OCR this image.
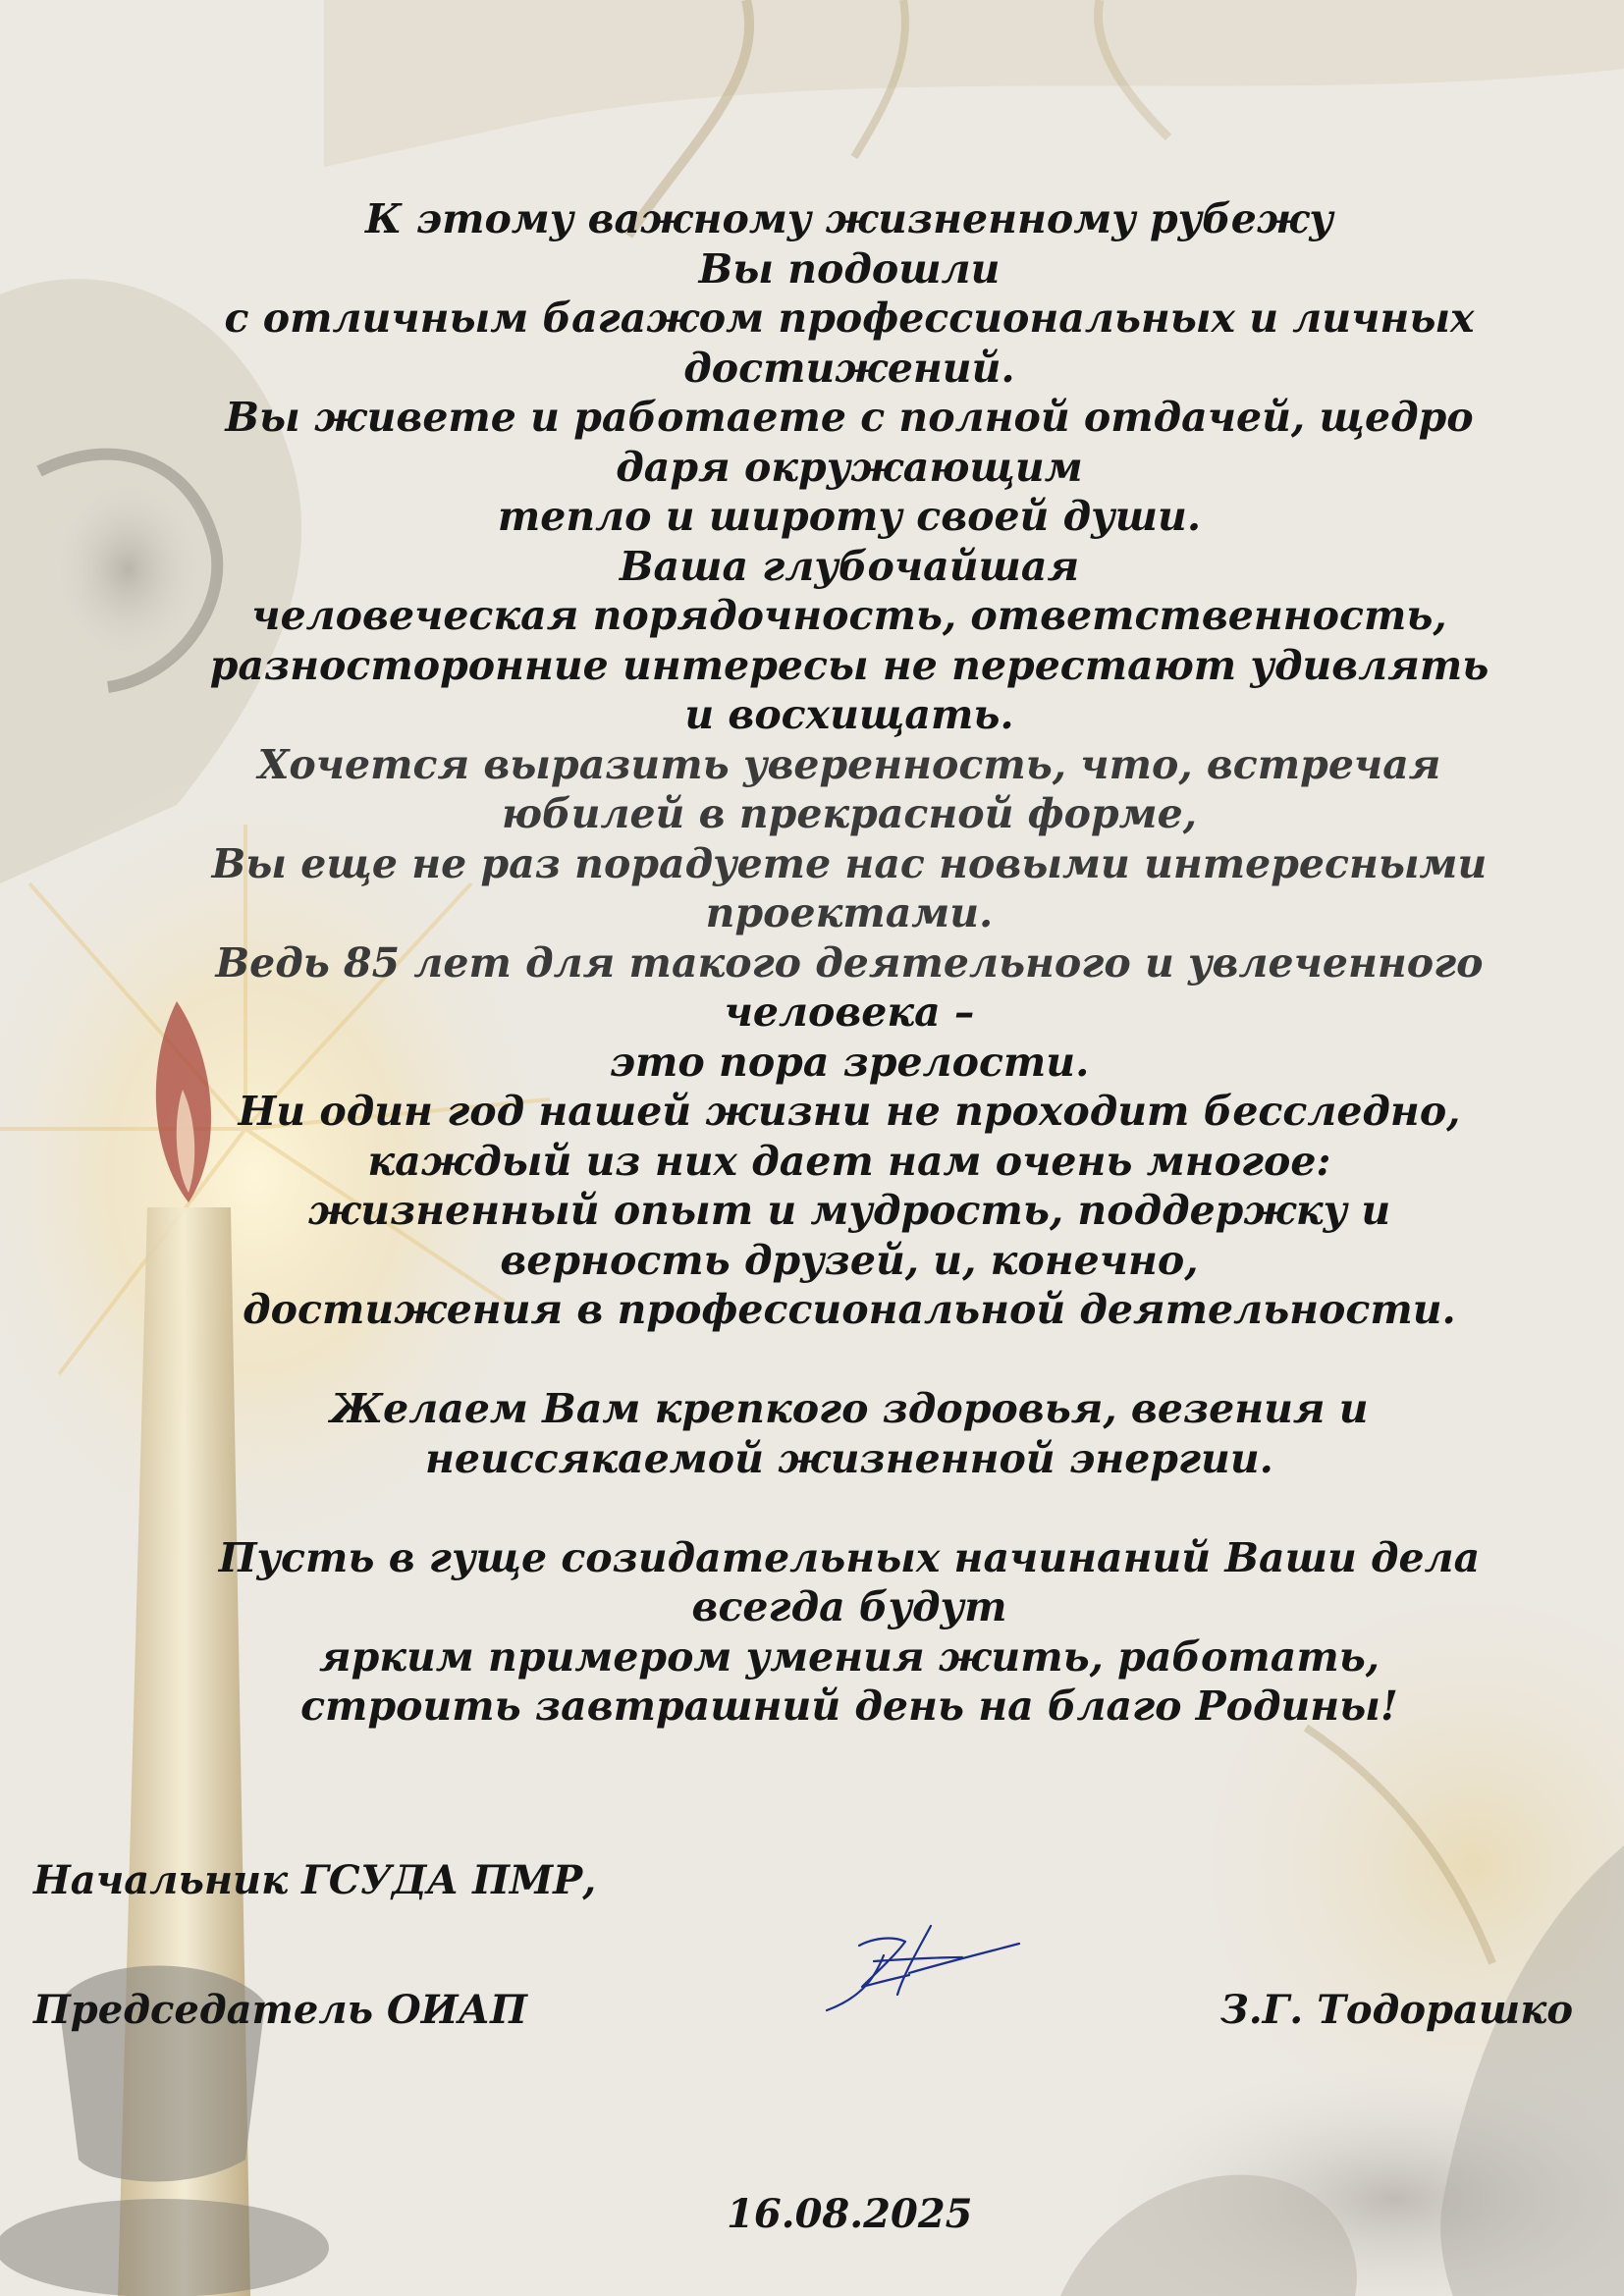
К этому важному жизненному рубежу
Вы подошли
с отличным багажом профессиональных и личных
достижений.
Вы живете и работаете с полной отдачей, щедро
даря окружающим
тепло и широту своей души.
Ваша глубочайшая
человеческая порядочность, ответственность,
разносторонние интересы не перестают удивлять
и восхищать.
Хочется выразить уверенность, что, встречая
юбилей в прекрасной форме,
Вы еще не раз порадуете нас новыми интересными
проектами.
Ведь 85 лет для такого деятельного и увлеченного
человека –
это пора зрелости.
Ни один год нашей жизни не проходит бесследно,
каждый из них дает нам очень многое:
жизненный опыт и мудрость, поддержку и
верность друзей, и, конечно,
достижения в профессиональной деятельности.
Желаем Вам крепкого здоровья, везения и
неиссякаемой жизненной энергии.
Пусть в гуще созидательных начинаний Ваши дела
всегда будут
ярким примером умения жить, работать,
строить завтрашний день на благо Родины!
Начальник ГСУДА ПМР,
Председатель ОИАП	З.Г. Тодорашко
16.08.2025
